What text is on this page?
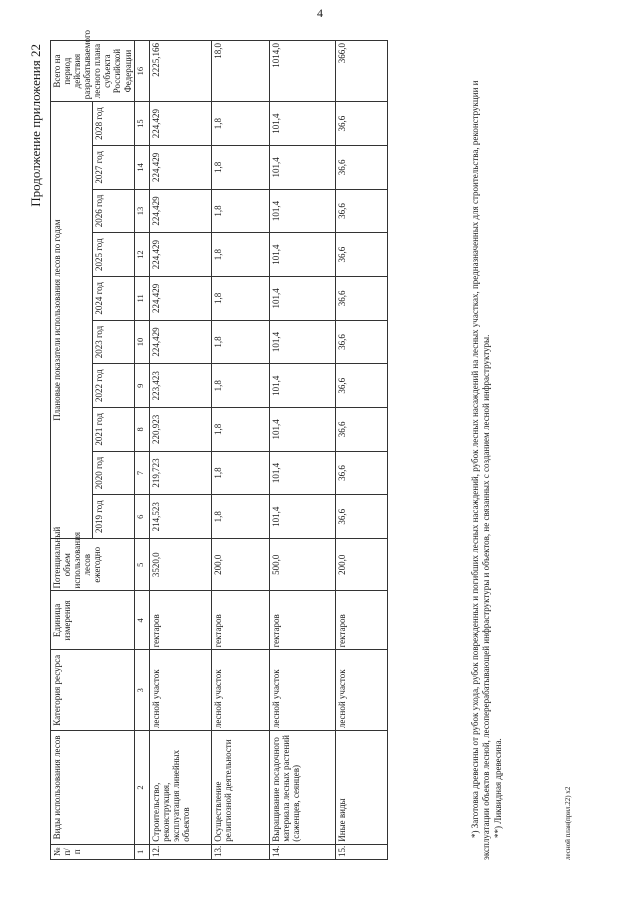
Продолжение приложения 22
№ п/п	Виды использования лесов	Категория ресурса	Единица измерения	Потенциальный объем использования лесов ежегодно	Плановые показатели использования лесов по годам										Всего на период действия разрабатываемого лесного плана субъекта Российской Федерации
					2019 год	2020 год	2021 год	2022 год	2023 год	2024 год	2025 год	2026 год	2027 год	2028 год	
1	2	3	4	5	6	7	8	9	10	11	12	13	14	15	16
12.	Строительство, реконструкция, эксплуатация линейных объектов	лесной участок	гектаров	3520,0	214,523	219,723	220,923	223,423	224,429	224,429	224,429	224,429	224,429	224,429	2225,166
13.	Осуществление религиозной деятельности	лесной участок	гектаров	200,0	1,8	1,8	1,8	1,8	1,8	1,8	1,8	1,8	1,8	1,8	18,0
14.	Выращивание посадочного материала лесных растений (саженцев, сеянцев)	лесной участок	гектаров	500,0	101,4	101,4	101,4	101,4	101,4	101,4	101,4	101,4	101,4	101,4	1014,0
15.	Иные виды	лесной участок	гектаров	200,0	36,6	36,6	36,6	36,6	36,6	36,6	36,6	36,6	36,6	36,6	366,0

*) Заготовка древесины от рубок ухода, рубок поврежденных и погибших лесных насаждений, рубок лесных насаждений на лесных участках, предназначенных для строительства, реконструкции и эксплуатации объектов лесной, лесоперерабатывающей инфраструктуры и объектов, не связанных с созданием лесной инфраструктуры. **) Ликвидная древесина.	лесной план(прил.22) x2
4
